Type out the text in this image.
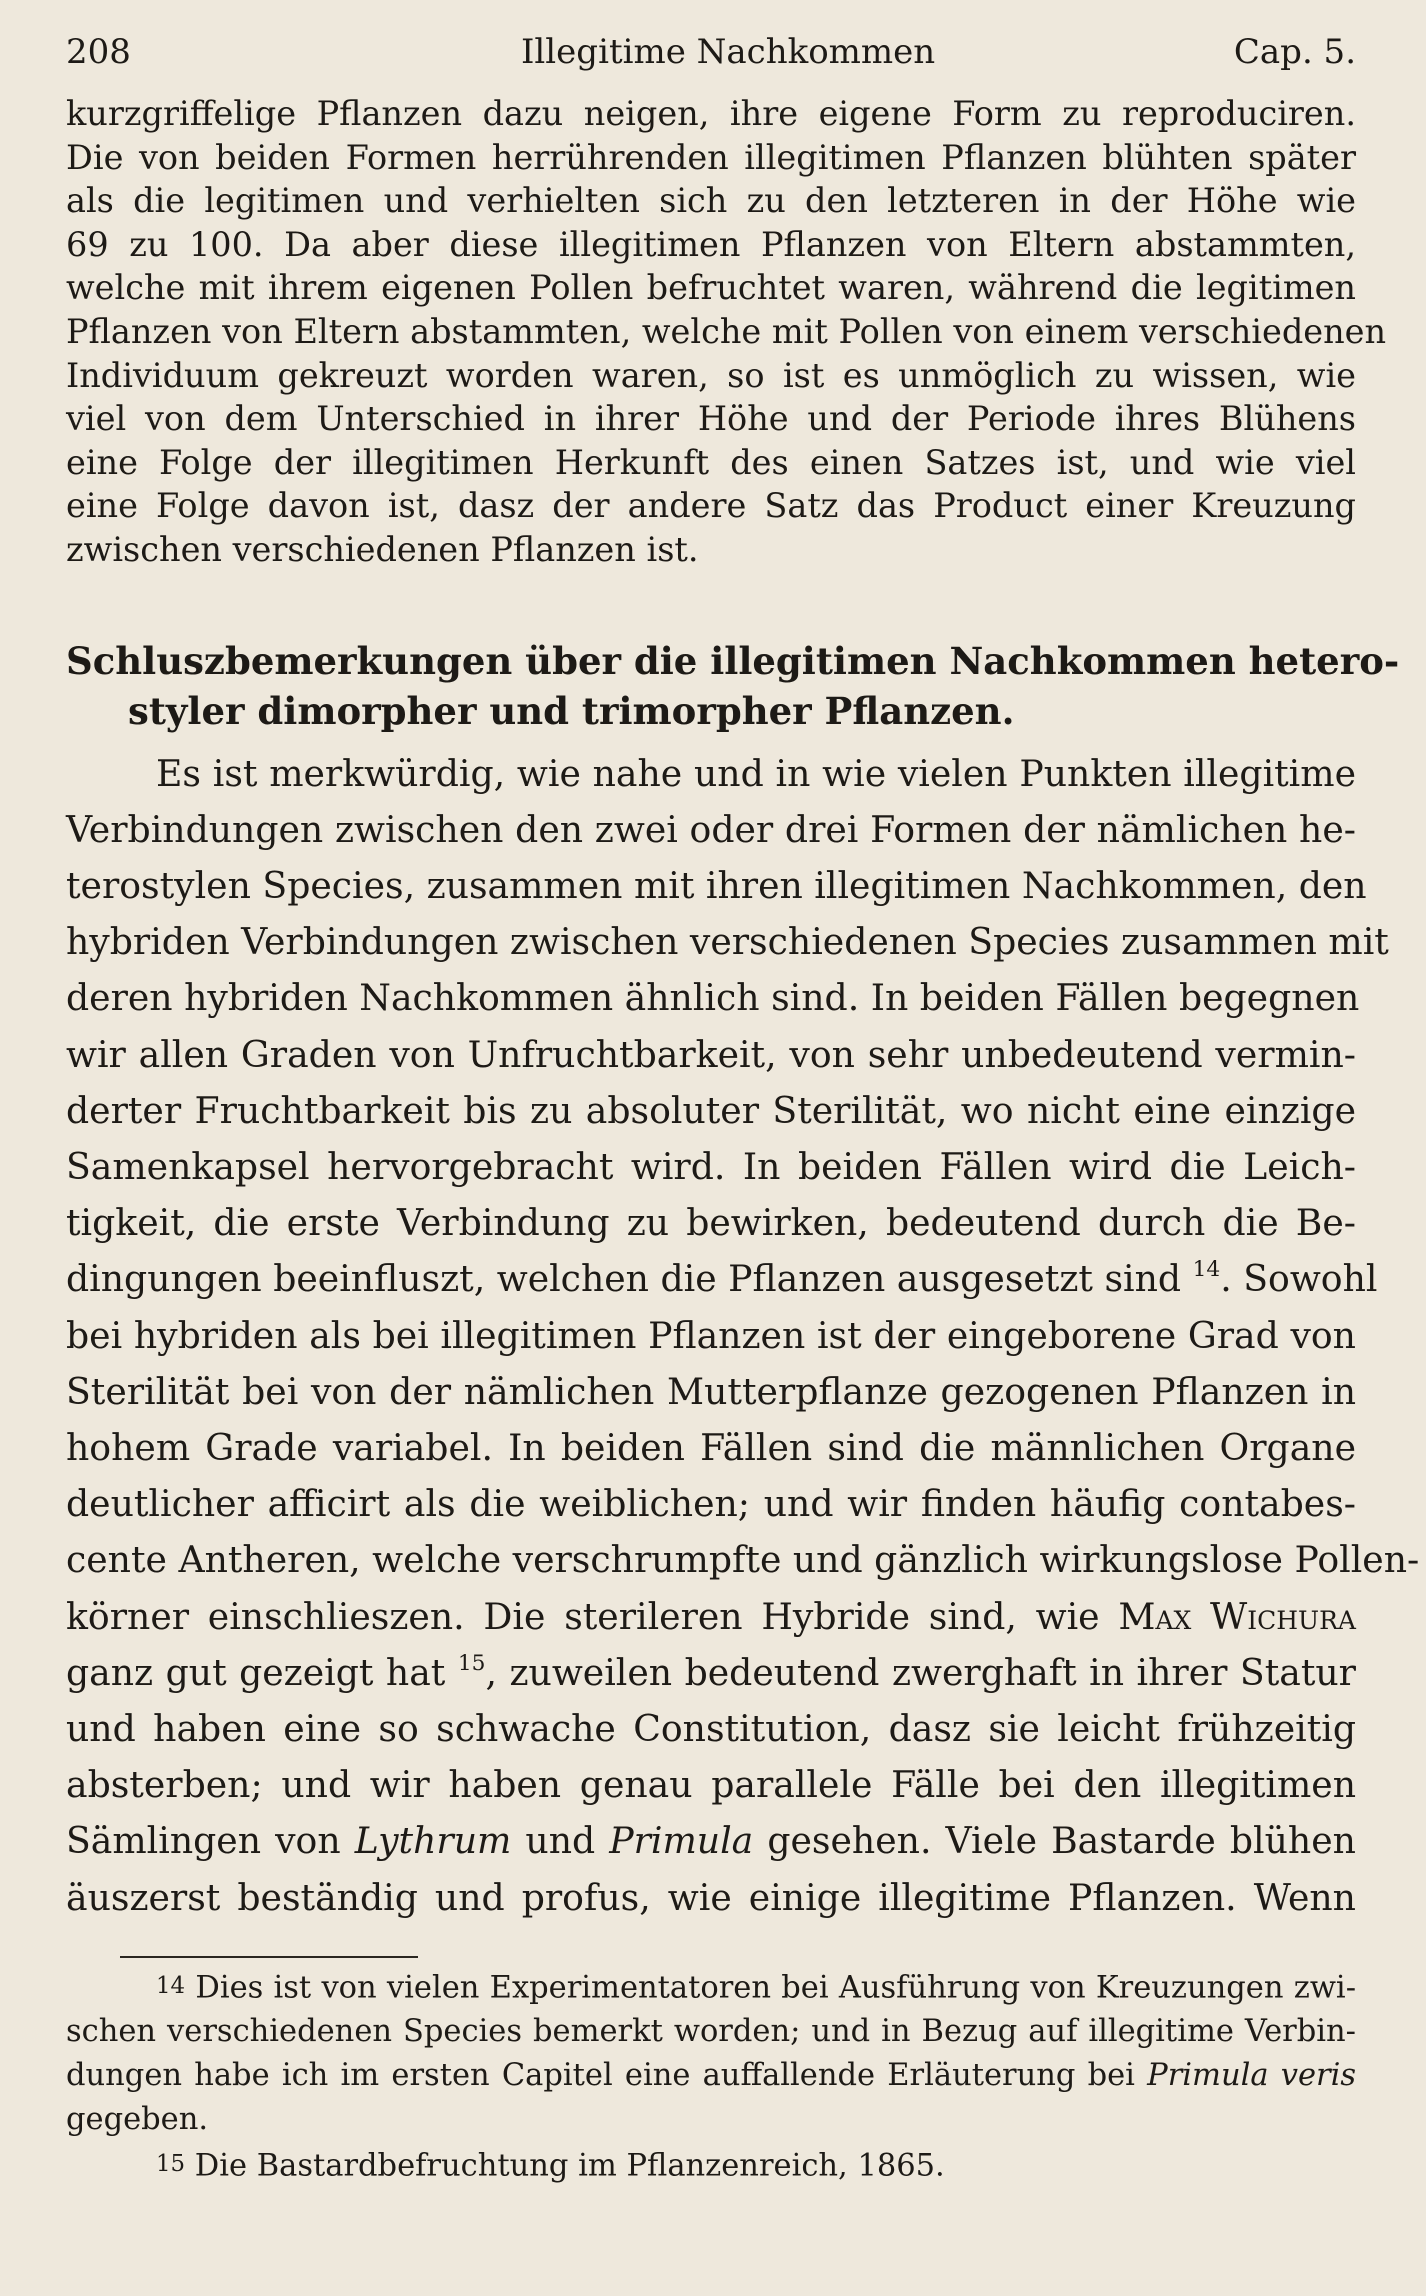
208	Illegitime Nachkommen	Cap. 5.
kurzgriffelige Pflanzen dazu neigen, ihre eigene Form zu reproduciren.
Die von beiden Formen herrührenden illegitimen Pflanzen blühten später
als die legitimen und verhielten sich zu den letzteren in der Höhe wie
69 zu 100. Da aber diese illegitimen Pflanzen von Eltern abstammten,
welche mit ihrem eigenen Pollen befruchtet waren, während die legitimen
Pflanzen von Eltern abstammten, welche mit Pollen von einem verschiedenen
Individuum gekreuzt worden waren, so ist es unmöglich zu wissen, wie
viel von dem Unterschied in ihrer Höhe und der Periode ihres Blühens
eine Folge der illegitimen Herkunft des einen Satzes ist, und wie viel
eine Folge davon ist, dasz der andere Satz das Product einer Kreuzung
zwischen verschiedenen Pflanzen ist.
Schluszbemerkungen über die illegitimen Nachkommen hetero-
styler dimorpher und trimorpher Pflanzen.
Es ist merkwürdig, wie nahe und in wie vielen Punkten illegitime
Verbindungen zwischen den zwei oder drei Formen der nämlichen he-
terostylen Species, zusammen mit ihren illegitimen Nachkommen, den
hybriden Verbindungen zwischen verschiedenen Species zusammen mit
deren hybriden Nachkommen ähnlich sind. In beiden Fällen begegnen
wir allen Graden von Unfruchtbarkeit, von sehr unbedeutend vermin-
derter Fruchtbarkeit bis zu absoluter Sterilität, wo nicht eine einzige
Samenkapsel hervorgebracht wird. In beiden Fällen wird die Leich-
tigkeit, die erste Verbindung zu bewirken, bedeutend durch die Be-
dingungen beeinfluszt, welchen die Pflanzen ausgesetzt sind $^{14}$. Sowohl
bei hybriden als bei illegitimen Pflanzen ist der eingeborene Grad von
Sterilität bei von der nämlichen Mutterpflanze gezogenen Pflanzen in
hohem Grade variabel. In beiden Fällen sind die männlichen Organe
deutlicher afficirt als die weiblichen; und wir finden häufig contabes-
cente Antheren, welche verschrumpfte und gänzlich wirkungslose Pollen-
körner einschlieszen. Die sterileren Hybride sind, wie Max Wichura
ganz gut gezeigt hat $^{15}$, zuweilen bedeutend zwerghaft in ihrer Statur
und haben eine so schwache Constitution, dasz sie leicht frühzeitig
absterben; und wir haben genau parallele Fälle bei den illegitimen
Sämlingen von Lythrum und Primula gesehen. Viele Bastarde blühen
äuszerst beständig und profus, wie einige illegitime Pflanzen. Wenn
14 Dies ist von vielen Experimentatoren bei Ausführung von Kreuzungen zwi-
schen verschiedenen Species bemerkt worden; und in Bezug auf illegitime Verbin-
dungen habe ich im ersten Capitel eine auffallende Erläuterung bei Primula veris
gegeben.
15 Die Bastardbefruchtung im Pflanzenreich, 1865.
